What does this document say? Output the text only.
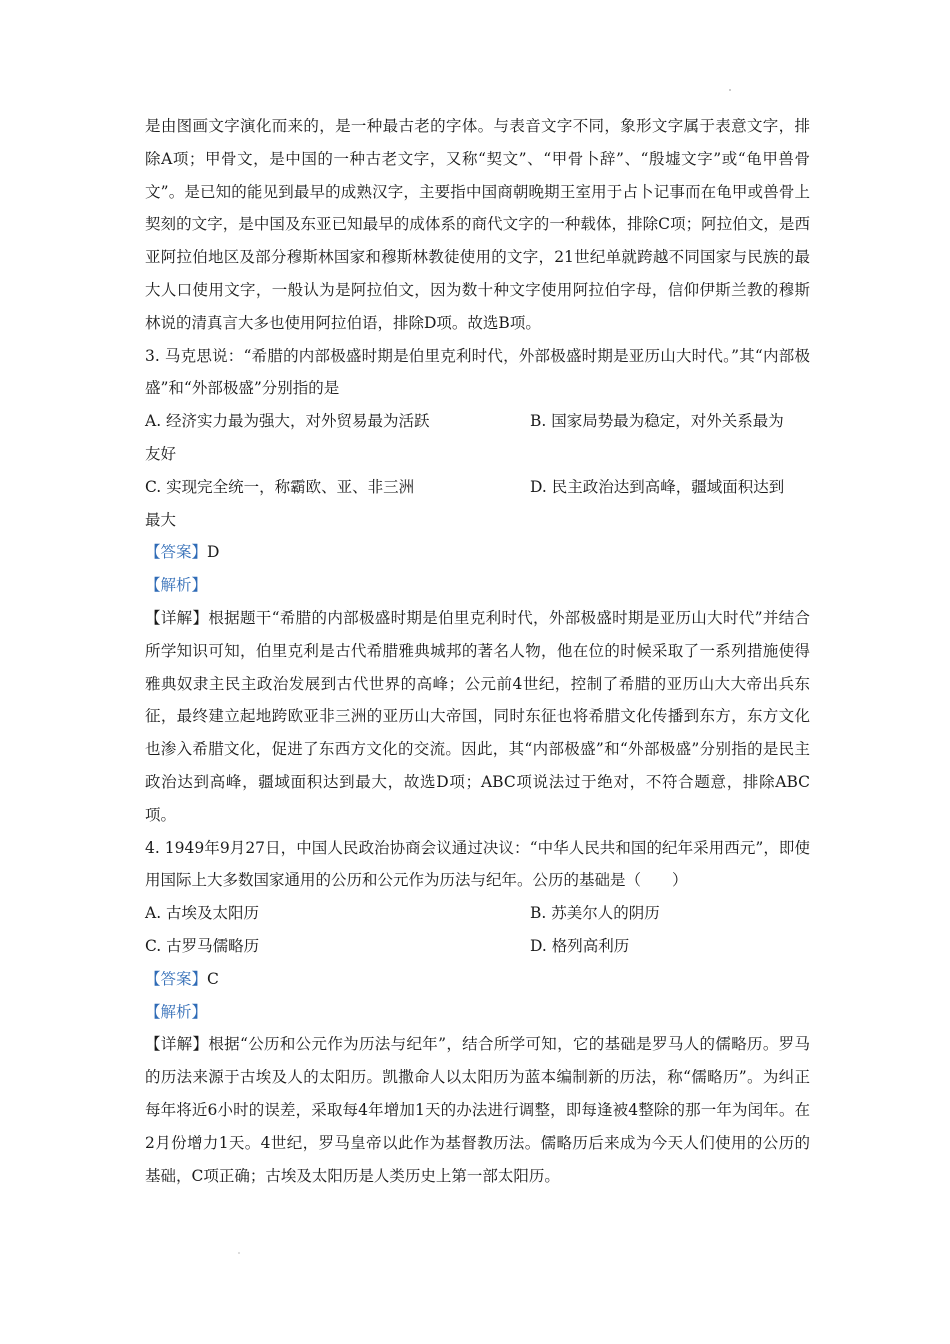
是由图画文字演化而来的，是一种最古老的字体。与表音文字不同，象形文字属于表意文字，排除A项；甲骨文，是中国的一种古老文字，又称“契文”、“甲骨卜辞”、“殷墟文字”或“龟甲兽骨文”。是已知的能见到最早的成熟汉字，主要指中国商朝晚期王室用于占卜记事而在龟甲或兽骨上契刻的文字，是中国及东亚已知最早的成体系的商代文字的一种载体，排除C项；阿拉伯文，是西亚阿拉伯地区及部分穆斯林国家和穆斯林教徒使用的文字，21世纪单就跨越不同国家与民族的最大人口使用文字，一般认为是阿拉伯文，因为数十种文字使用阿拉伯字母，信仰伊斯兰教的穆斯林说的清真言大多也使用阿拉伯语，排除D项。故选B项。

3. 马克思说：“希腊的内部极盛时期是伯里克利时代，外部极盛时期是亚历山大时代。”其“内部极盛”和“外部极盛”分别指的是

A. 经济实力最为强大，对外贸易最为活跃	B. 国家局势最为稳定，对外关系最为

友好

C. 实现完全统一，称霸欧、亚、非三洲	D. 民主政治达到高峰，疆域面积达到

最大

【答案】D

【解析】

【详解】根据题干“希腊的内部极盛时期是伯里克利时代，外部极盛时期是亚历山大时代”并结合所学知识可知，伯里克利是古代希腊雅典城邦的著名人物，他在位的时候采取了一系列措施使得雅典奴隶主民主政治发展到古代世界的高峰；公元前4世纪，控制了希腊的亚历山大大帝出兵东征，最终建立起地跨欧亚非三洲的亚历山大帝国，同时东征也将希腊文化传播到东方，东方文化也渗入希腊文化，促进了东西方文化的交流。因此，其“内部极盛”和“外部极盛”分别指的是民主政治达到高峰，疆域面积达到最大，故选D项；ABC项说法过于绝对，不符合题意，排除ABC项。

4. 1949年9月27日，中国人民政治协商会议通过决议：“中华人民共和国的纪年采用西元”，即使用国际上大多数国家通用的公历和公元作为历法与纪年。公历的基础是（　　）

A. 古埃及太阳历	B. 苏美尔人的阴历
C. 古罗马儒略历	D. 格列高利历

【答案】C

【解析】

【详解】根据“公历和公元作为历法与纪年”，结合所学可知，它的基础是罗马人的儒略历。罗马的历法来源于古埃及人的太阳历。凯撒命人以太阳历为蓝本编制新的历法，称“儒略历”。为纠正每年将近6小时的误差，采取每4年增加1天的办法进行调整，即每逢被4整除的那一年为闰年。在2月份增力1天。4世纪，罗马皇帝以此作为基督教历法。儒略历后来成为今天人们使用的公历的基础，C项正确；古埃及太阳历是人类历史上第一部太阳历。
